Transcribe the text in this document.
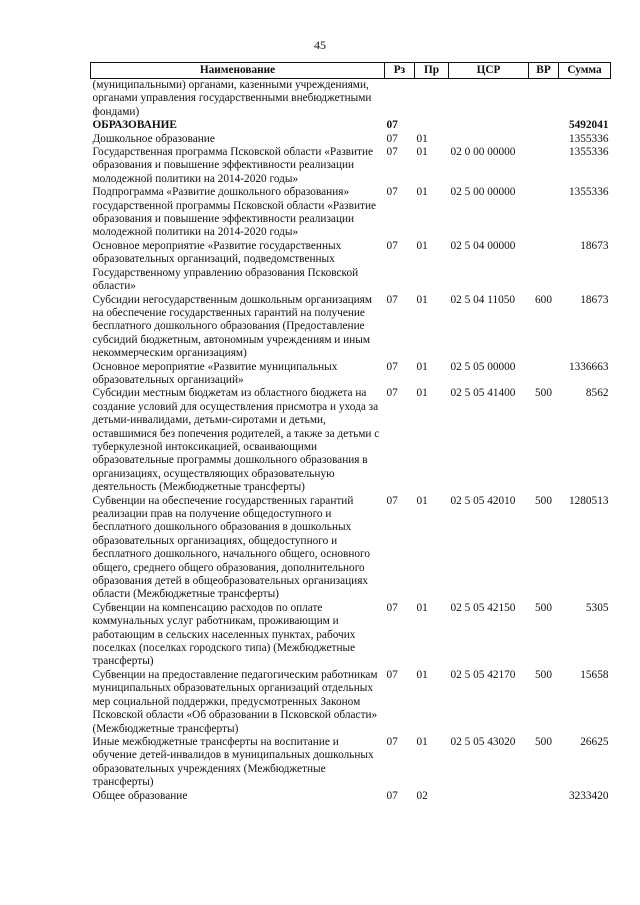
45
Наименование	Рз	Пр	ЦСР	ВР	Сумма
(муниципальными) органами, казенными учреждениями, органами управления государственными внебюджетными фондами)					
ОБРАЗОВАНИЕ	07				5492041
Дошкольное образование	07	01			1355336
Государственная программа Псковской области «Развитие образования и повышение эффективности реализации молодежной политики на 2014-2020 годы»	07	01	02 0 00 00000		1355336
Подпрограмма «Развитие дошкольного образования» государственной программы Псковской области «Развитие образования и повышение эффективности реализации молодежной политики на 2014-2020 годы»	07	01	02 5 00 00000		1355336
Основное мероприятие «Развитие государственных образовательных организаций, подведомственных Государственному управлению образования Псковской области»	07	01	02 5 04 00000		18673
Субсидии негосударственным дошкольным организациям на обеспечение государственных гарантий на получение бесплатного дошкольного образования (Предоставление субсидий бюджетным, автономным учреждениям и иным некоммерческим организациям)	07	01	02 5 04 11050	600	18673
Основное мероприятие «Развитие муниципальных образовательных организаций»	07	01	02 5 05 00000		1336663
Субсидии местным бюджетам из областного бюджета на создание условий для осуществления присмотра и ухода за детьми-инвалидами, детьми-сиротами и детьми, оставшимися без попечения родителей, а также за детьми с туберкулезной интоксикацией, осваивающими образовательные программы дошкольного образования в организациях, осуществляющих образовательную деятельность (Межбюджетные трансферты)	07	01	02 5 05 41400	500	8562
Субвенции на обеспечение государственных гарантий реализации прав на получение общедоступного и бесплатного дошкольного образования в дошкольных образовательных организациях, общедоступного и бесплатного дошкольного, начального общего, основного общего, среднего общего образования, дополнительного образования детей в общеобразовательных организациях области (Межбюджетные трансферты)	07	01	02 5 05 42010	500	1280513
Субвенции на компенсацию расходов по оплате коммунальных услуг работникам, проживающим и работающим в сельских населенных пунктах, рабочих поселках (поселках городского типа) (Межбюджетные трансферты)	07	01	02 5 05 42150	500	5305
Субвенции на предоставление педагогическим работникам муниципальных образовательных организаций отдельных мер социальной поддержки, предусмотренных Законом Псковской области «Об образовании в Псковской области» (Межбюджетные трансферты)	07	01	02 5 05 42170	500	15658
Иные межбюджетные трансферты на воспитание и обучение детей-инвалидов в муниципальных дошкольных образовательных учреждениях (Межбюджетные трансферты)	07	01	02 5 05 43020	500	26625
Общее образование	07	02			3233420
